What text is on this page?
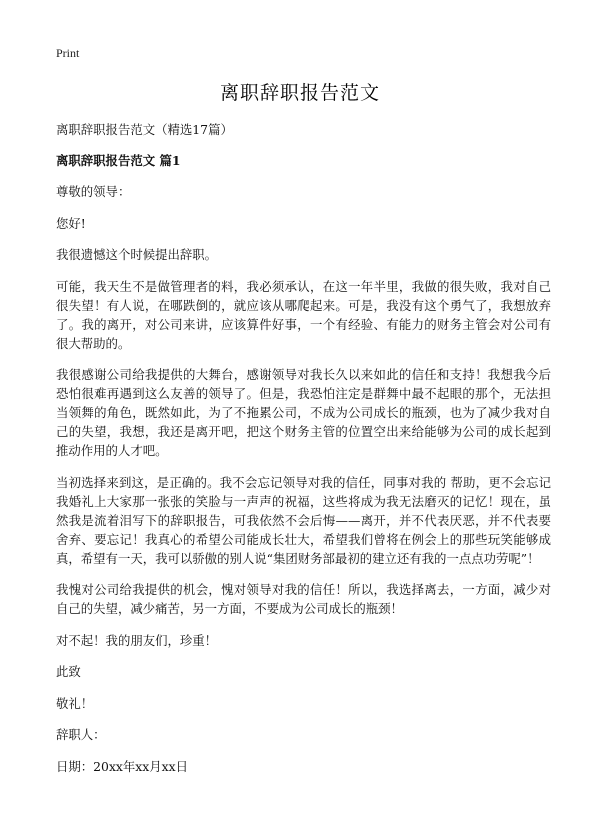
Print
离职辞职报告范文

离职辞职报告范文（精选17篇）

离职辞职报告范文 篇1

尊敬的领导：

您好!

我很遗憾这个时候提出辞职。

可能，我天生不是做管理者的料，我必须承认，在这一年半里，我做的很失败，我对自己很失望！有人说，在哪跌倒的，就应该从哪爬起来。可是，我没有这个勇气了，我想放弃了。我的离开，对公司来讲，应该算件好事，一个有经验、有能力的财务主管会对公司有很大帮助的。

我很感谢公司给我提供的大舞台，感谢领导对我长久以来如此的信任和支持！我想我今后恐怕很难再遇到这么友善的领导了。但是，我恐怕注定是群舞中最不起眼的那个，无法担当领舞的角色，既然如此，为了不拖累公司，不成为公司成长的瓶颈，也为了减少我对自己的失望，我想，我还是离开吧，把这个财务主管的位置空出来给能够为公司的成长起到推动作用的人才吧。

当初选择来到这，是正确的。我不会忘记领导对我的信任，同事对我的 帮助，更不会忘记我婚礼上大家那一张张的笑脸与一声声的祝福，这些将成为我无法磨灭的记忆！现在，虽然我是流着泪写下的辞职报告，可我依然不会后悔——离开，并不代表厌恶，并不代表要舍弃、要忘记！我真心的希望公司能成长壮大，希望我们曾将在例会上的那些玩笑能够成真，希望有一天，我可以骄傲的别人说“集团财务部最初的建立还有我的一点点功劳呢”！

我愧对公司给我提供的机会，愧对领导对我的信任！所以，我选择离去，一方面，减少对自己的失望，减少痛苦，另一方面，不要成为公司成长的瓶颈！

对不起！我的朋友们，珍重！

此致

敬礼！

辞职人：

日期：20xx年xx月xx日
